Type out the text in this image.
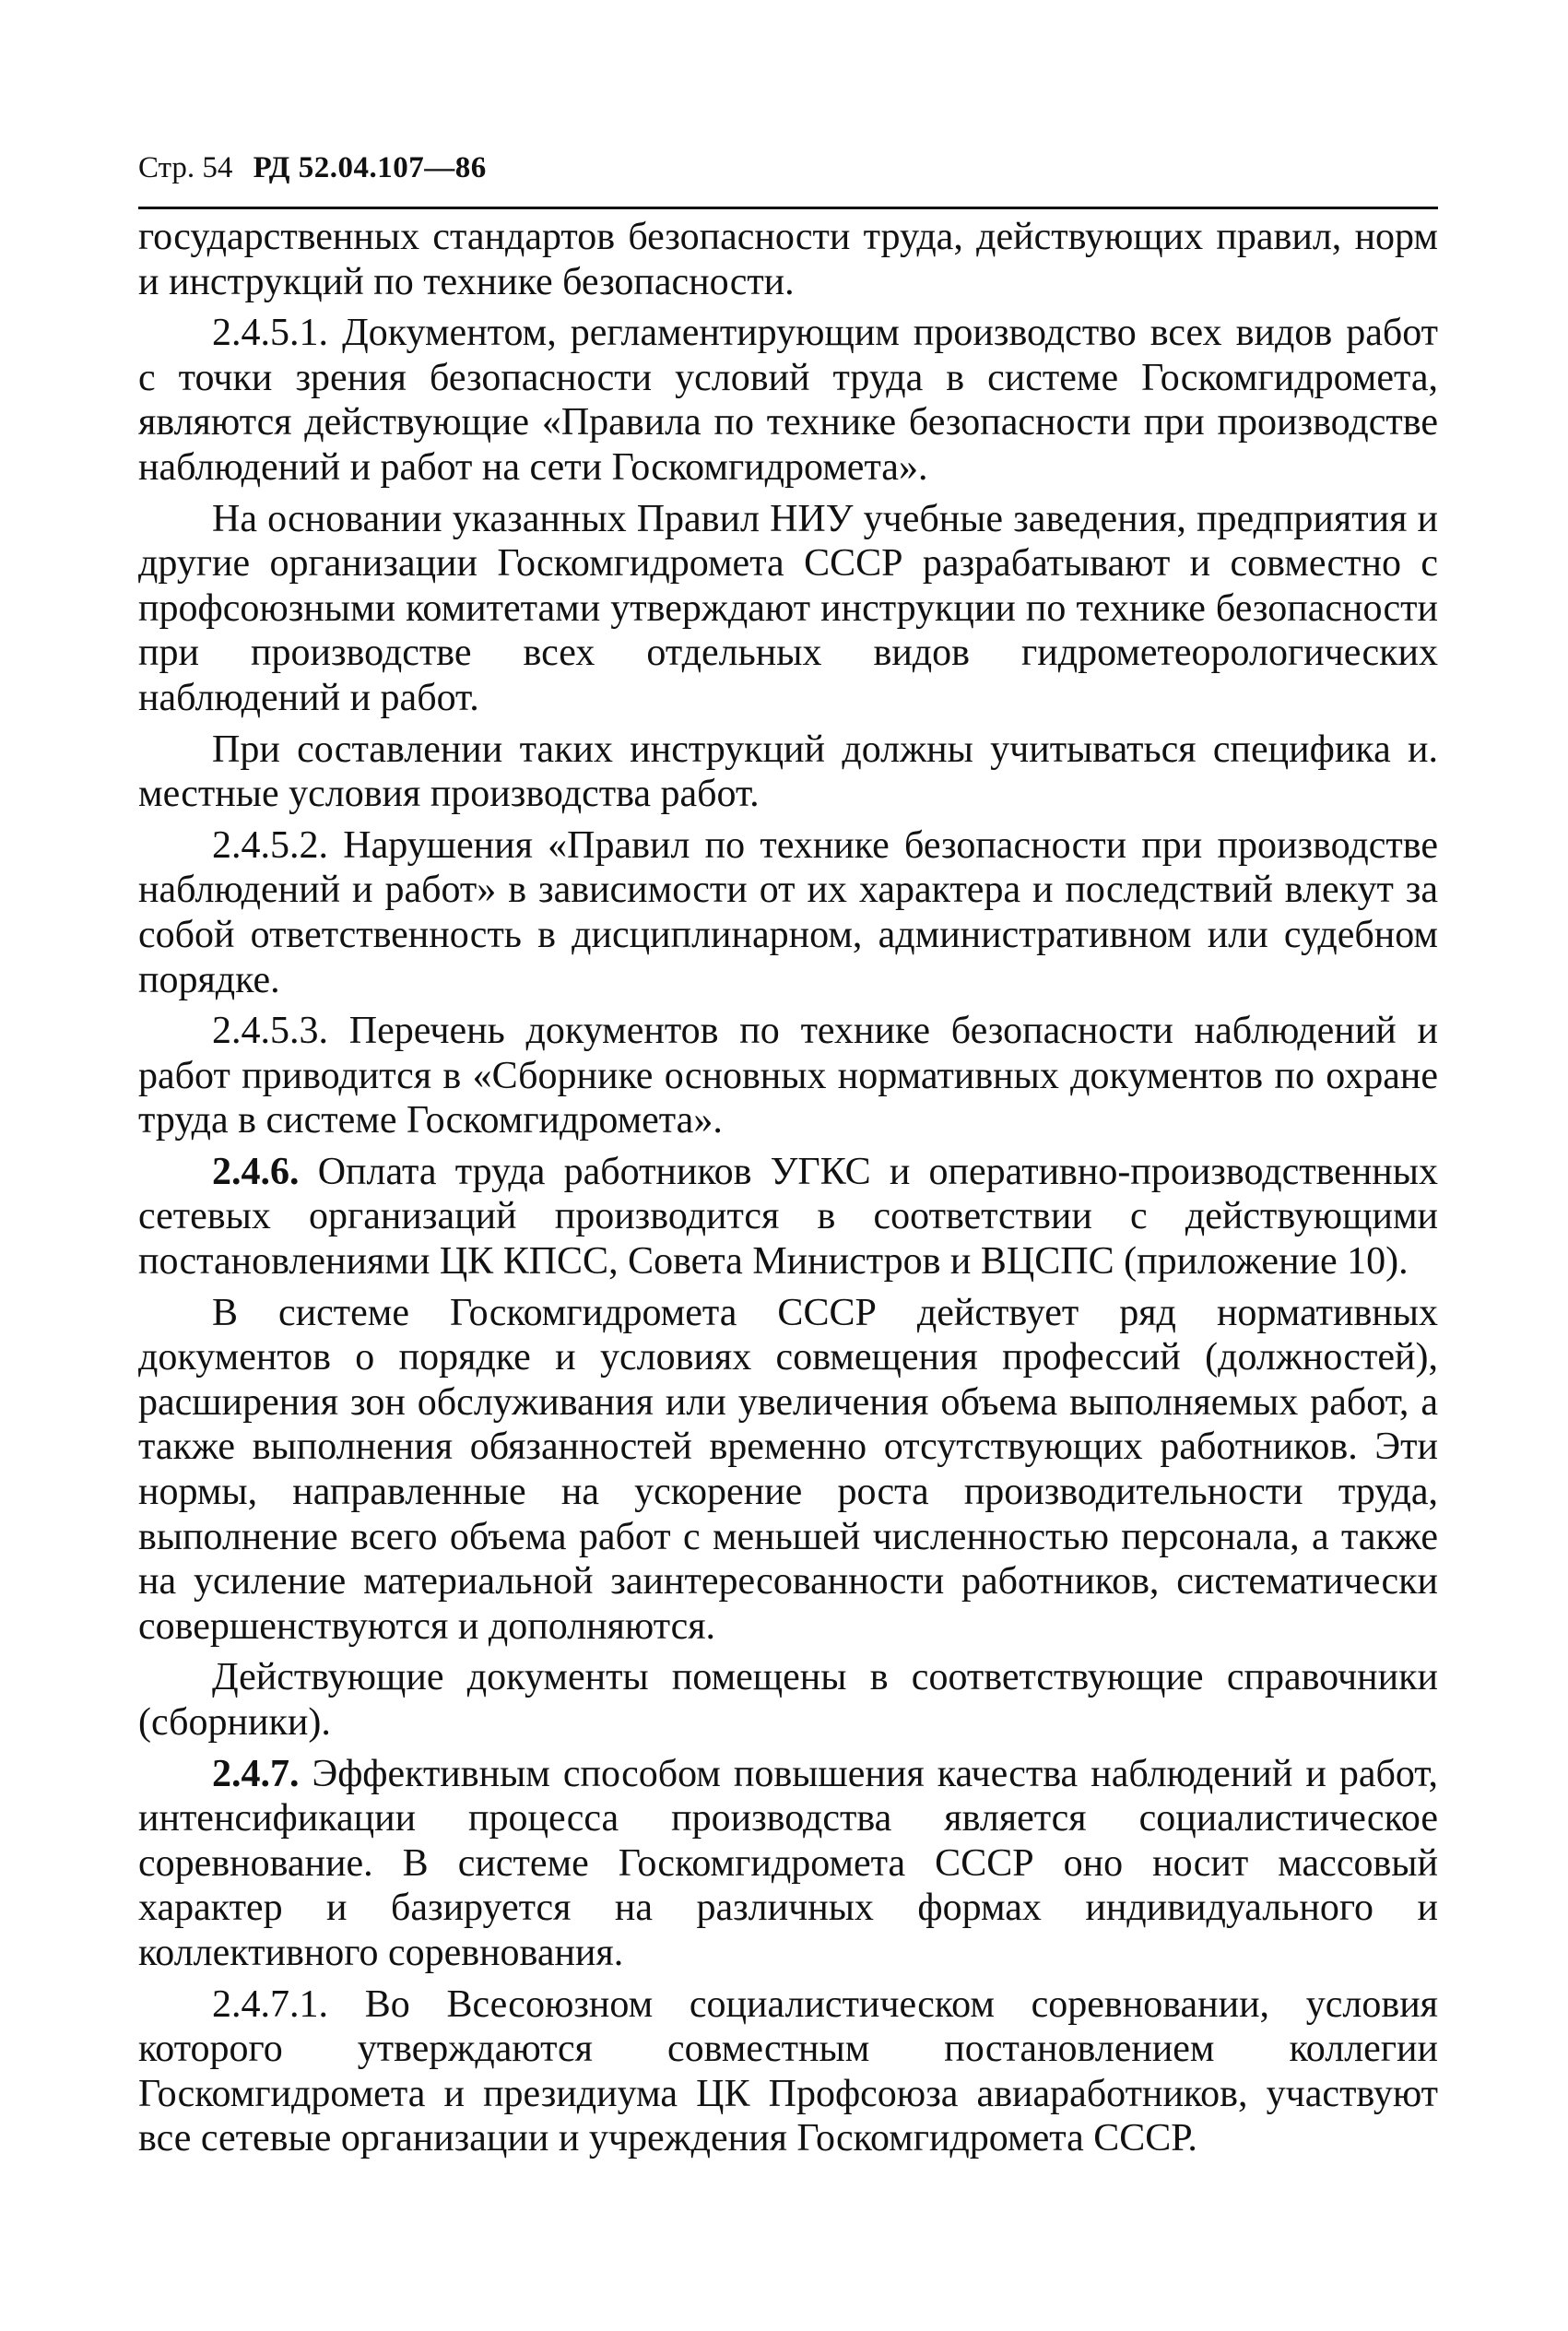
Стр. 54 РД 52.04.107—86

государственных стандартов безопасности труда, действующих правил, норм и инструкций по технике безопасности.

2.4.5.1. Документом, регламентирующим производство всех видов работ с точки зрения безопасности условий труда в системе Госкомгидромета, являются действующие «Правила по технике безопасности при производстве наблюдений и работ на сети Госкомгидромета».

На основании указанных Правил НИУ учебные заведения, предприятия и другие организации Госкомгидромета СССР разрабатывают и совместно с профсоюзными комитетами утверждают инструкции по технике безопасности при производстве всех отдельных видов гидрометеорологических наблюдений и работ.

При составлении таких инструкций должны учитываться специфика и. местные условия производства работ.

2.4.5.2. Нарушения «Правил по технике безопасности при производстве наблюдений и работ» в зависимости от их характера и последствий влекут за собой ответственность в дисциплинарном, административном или судебном порядке.

2.4.5.3. Перечень документов по технике безопасности наблюдений и работ приводится в «Сборнике основных нормативных документов по охране труда в системе Госкомгидромета».

2.4.6. Оплата труда работников УГКС и оперативно-производственных сетевых организаций производится в соответствии с действующими постановлениями ЦК КПСС, Совета Министров и ВЦСПС (приложение 10).

В системе Госкомгидромета СССР действует ряд нормативных документов о порядке и условиях совмещения профессий (должностей), расширения зон обслуживания или увеличения объема выполняемых работ, а также выполнения обязанностей временно отсутствующих работников. Эти нормы, направленные на ускорение роста производительности труда, выполнение всего объема работ с меньшей численностью персонала, а также на усиление материальной заинтересованности работников, систематически совершенствуются и дополняются.

Действующие документы помещены в соответствующие справочники (сборники).

2.4.7. Эффективным способом повышения качества наблюдений и работ, интенсификации процесса производства является социалистическое соревнование. В системе Госкомгидромета СССР оно носит массовый характер и базируется на различных формах индивидуального и коллективного соревнования.

2.4.7.1. Во Всесоюзном социалистическом соревновании, условия которого утверждаются совместным постановлением коллегии Госкомгидромета и президиума ЦК Профсоюза авиаработников, участвуют все сетевые организации и учреждения Госкомгидромета СССР.
